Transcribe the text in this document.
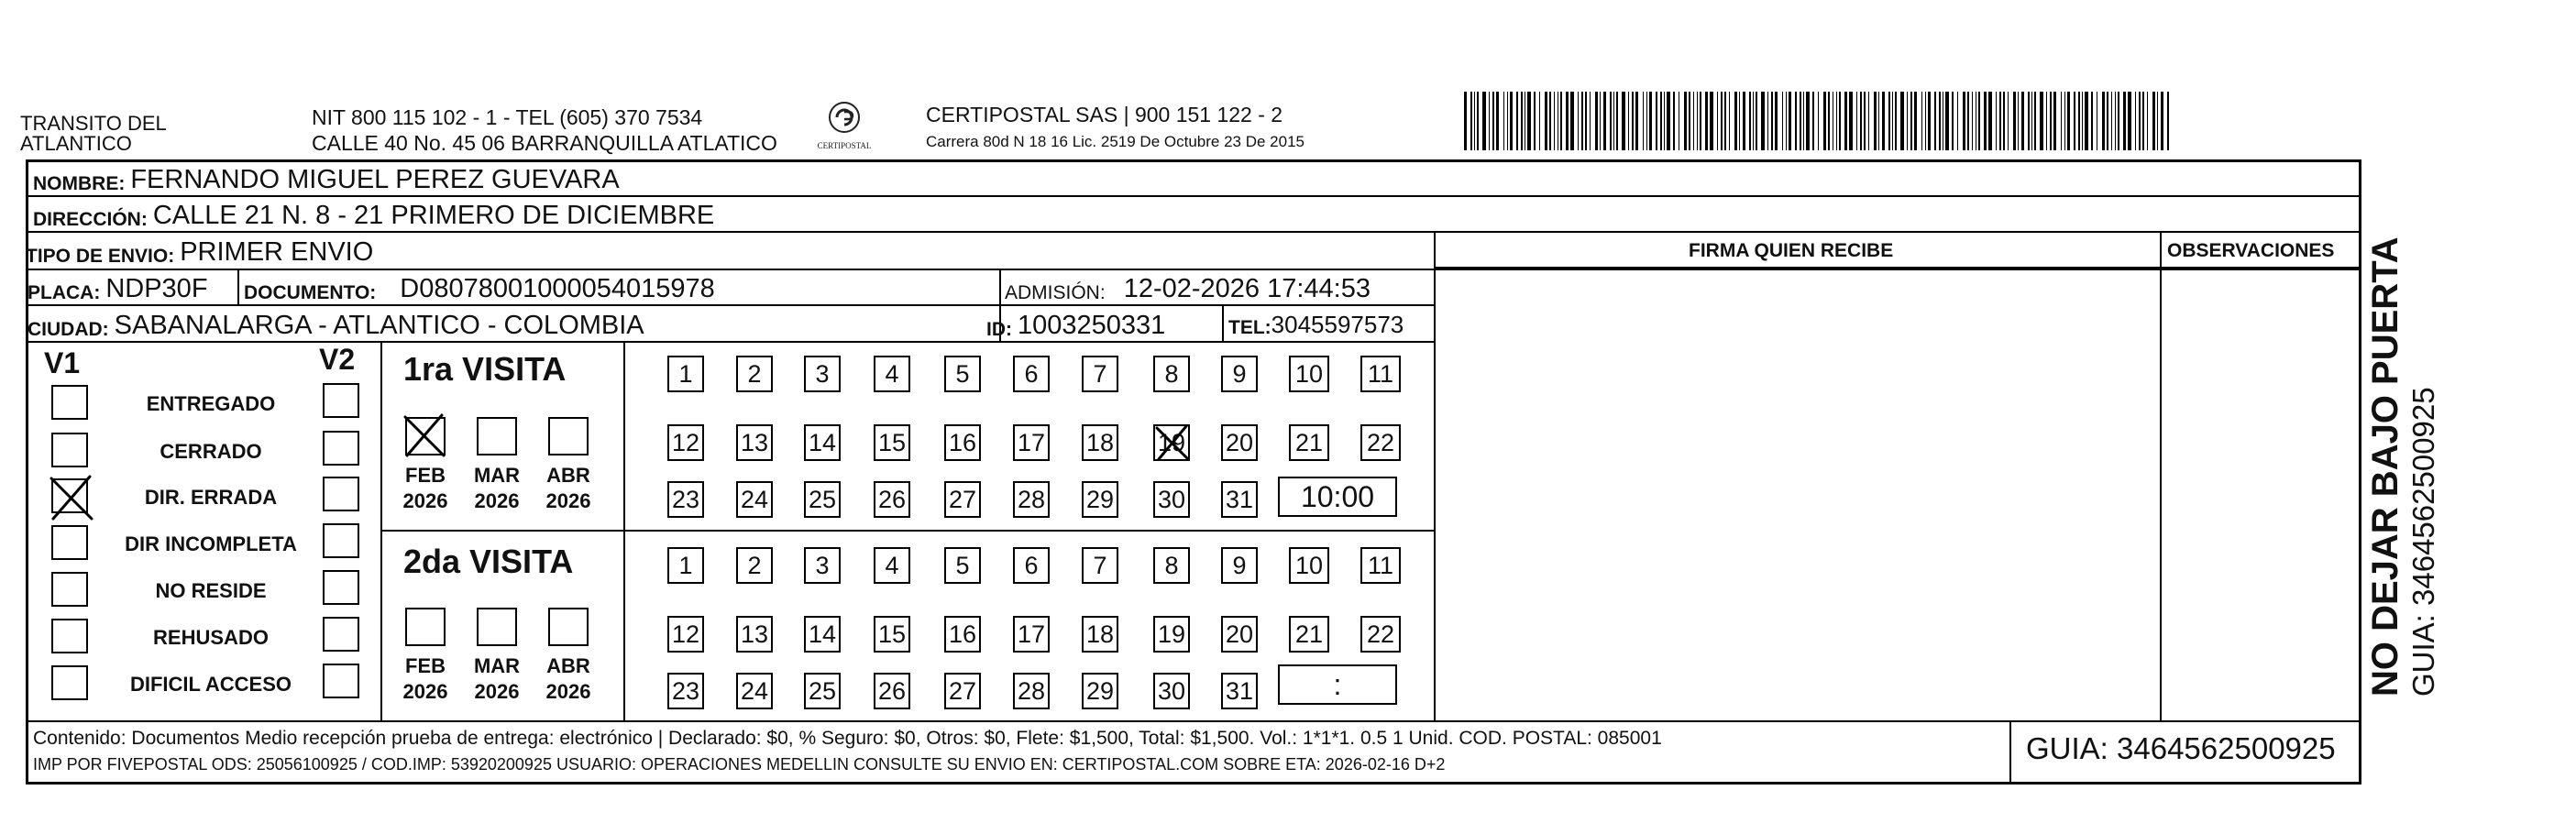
TRANSITO DEL
ATLANTICO
NIT 800 115 102 - 1 - TEL (605) 370 7534
CALLE 40 No. 45 06 BARRANQUILLA ATLATICO	CERTIPOSTAL
CERTIPOSTAL SAS | 900 151 122 - 2
Carrera 80d N 18 16 Lic. 2519 De Octubre 23 De 2015
NOMBRE: FERNANDO MIGUEL PEREZ GUEVARA
DIRECCIÓN: CALLE 21 N. 8 - 21 PRIMERO DE DICIEMBRE
TIPO DE ENVIO: PRIMER ENVIO	FIRMA QUIEN RECIBE	OBSERVACIONES
PLACA: NDP30F DOCUMENTO: D08078001000054015978	ADMISIÓN: 12-02-2026 17:44:53
CIUDAD: SABANALARGA - ATLANTICO - COLOMBIA	ID: 1003250331	TEL: 3045597573
V1	V2
ENTREGADO
CERRADO
DIR. ERRADA
DIR INCOMPLETA
NO RESIDE
REHUSADO
DIFICIL ACCESO
1ra VISITA
2da VISITA
1 2 3 4 5 6 7 8 9 10 11
12 13 14 15 16 17 18 19 20 21 22
23 24 25 26 27 28 29 30 31
1 2 3 4 5 6 7 8 9 10 11
12 13 14 15 16 17 18 19 20 21 22
23 24 25 26 27 28 29 30 31
10:00
:
FEB
2026
MAR
2026
ABR
2026
FEB
2026
MAR
2026
ABR
2026
Contenido: Documentos Medio recepción prueba de entrega: electrónico | Declarado: $0, % Seguro: $0, Otros: $0, Flete: $1,500, Total: $1,500. Vol.: 1*1*1. 0.5 1 Unid. COD. POSTAL: 085001
IMP POR FIVEPOSTAL ODS: 25056100925 / COD.IMP: 53920200925 USUARIO: OPERACIONES MEDELLIN CONSULTE SU ENVIO EN: CERTIPOSTAL.COM SOBRE ETA: 2026-02-16 D+2	GUIA: 3464562500925
NO DEJAR BAJO PUERTA GUIA: 3464562500925
